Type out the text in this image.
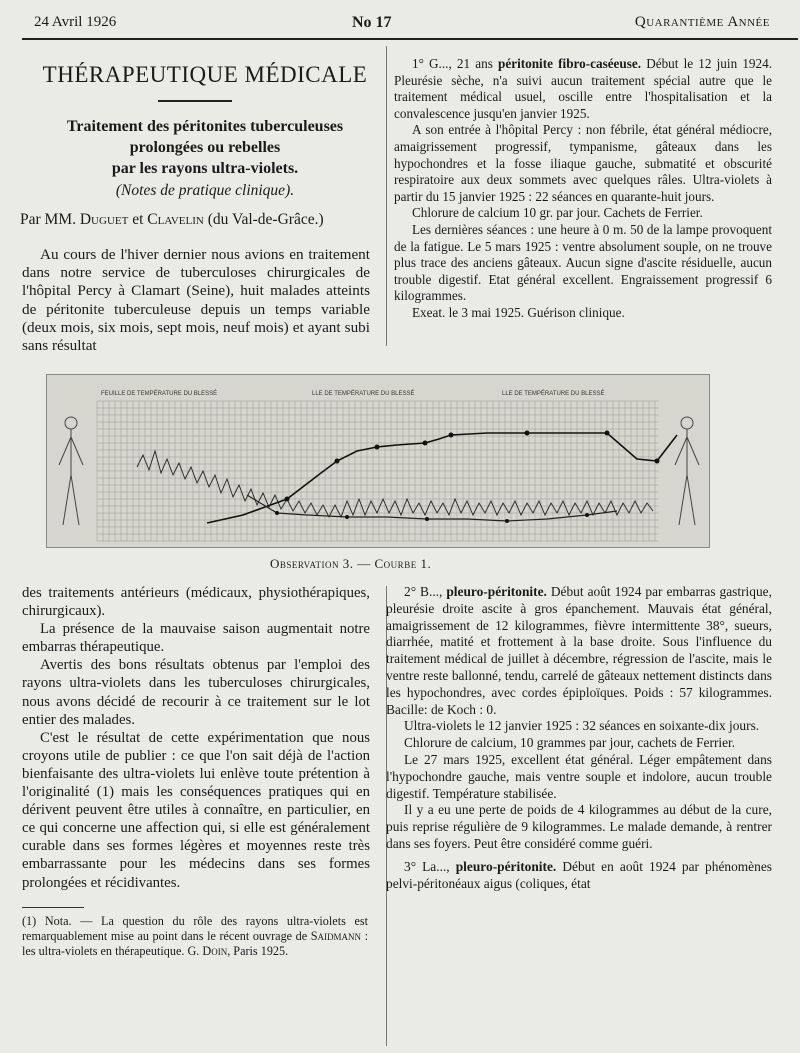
24 Avril 1926	No 17	Quarantième Année
THÉRAPEUTIQUE MÉDICALE
Traitement des péritonites tuberculeuses
prolongées ou rebelles
par les rayons ultra-violets.
(Notes de pratique clinique).
Par MM. Duguet et Clavelin (du Val-de-Grâce.)

Au cours de l'hiver dernier nous avions en traitement dans notre service de tuberculoses chirurgicales de l'hôpital Percy à Clamart (Seine), huit malades atteints de péritonite tuberculeuse depuis un temps variable (deux mois, six mois, sept mois, neuf mois) et ayant subi sans résultat

1° G..., 21 ans péritonite fibro-caséeuse. Début le 12 juin 1924. Pleurésie sèche, n'a suivi aucun traitement spécial autre que le traitement médical usuel, oscille entre l'hospitalisation et la convalescence jusqu'en janvier 1925.

A son entrée à l'hôpital Percy : non fébrile, état général médiocre, amaigrissement progressif, tympanisme, gâteaux dans les hypochondres et la fosse iliaque gauche, submatité et obscurité respiratoire aux deux sommets avec quelques râles. Ultra-violets à partir du 15 janvier 1925 : 22 séances en quarante-huit jours.

Chlorure de calcium 10 gr. par jour. Cachets de Ferrier.

Les dernières séances : une heure à 0 m. 50 de la lampe provoquent de la fatigue. Le 5 mars 1925 : ventre absolument souple, on ne trouve plus trace des anciens gâteaux. Aucun signe d'ascite résiduelle, aucun trouble digestif. Etat général excellent. Engraissement progressif 6 kilogrammes.

Exeat. le 3 mai 1925. Guérison clinique.

FEUILLE DE TEMPÉRATURE DU BLESSÉ	LLE DE TEMPÉRATURE DU BLESSÉ	LLE DE TEMPÉRATURE DU BLESSÉ
Observation 3. — Courbe 1.

des traitements antérieurs (médicaux, physiothérapiques, chirurgicaux).

La présence de la mauvaise saison augmentait notre embarras thérapeutique.

Avertis des bons résultats obtenus par l'emploi des rayons ultra-violets dans les tuberculoses chirurgicales, nous avons décidé de recourir à ce traitement sur le lot entier des malades.

C'est le résultat de cette expérimentation que nous croyons utile de publier : ce que l'on sait déjà de l'action bienfaisante des ultra-violets lui enlève toute prétention à l'originalité (1) mais les conséquences pratiques qui en dérivent peuvent être utiles à connaître, en particulier, en ce qui concerne une affection qui, si elle est généralement curable dans ses formes légères et moyennes reste très embarrassante pour les médecins dans ses formes prolongées et récidivantes.

(1) Nota. — La question du rôle des rayons ultra-violets est remarquablement mise au point dans le récent ouvrage de Saidmann : les ultra-violets en thérapeutique. G. Doin, Paris 1925.

2° B..., pleuro-péritonite. Début août 1924 par embarras gastrique, pleurésie droite ascite à gros épanchement. Mauvais état général, amaigrissement de 12 kilogrammes, fièvre intermittente 38°, sueurs, diarrhée, matité et frottement à la base droite. Sous l'influence du traitement médical de juillet à décembre, régression de l'ascite, mais le ventre reste ballonné, tendu, carrelé de gâteaux nettement distincts dans les hypochondres, avec cordes épiploïques. Poids : 57 kilogrammes. Bacille: de Koch : 0.

Ultra-violets le 12 janvier 1925 : 32 séances en soixante-dix jours.

Chlorure de calcium, 10 grammes par jour, cachets de Ferrier.

Le 27 mars 1925, excellent état général. Léger empâtement dans l'hypochondre gauche, mais ventre souple et indolore, aucun trouble digestif. Température stabilisée.

Il y a eu une perte de poids de 4 kilogrammes au début de la cure, puis reprise régulière de 9 kilogrammes. Le malade demande, à rentrer dans ses foyers. Peut être considéré comme guéri.

3° La..., pleuro-péritonite. Début en août 1924 par phénomènes pelvi-péritonéaux aigus (coliques, état
